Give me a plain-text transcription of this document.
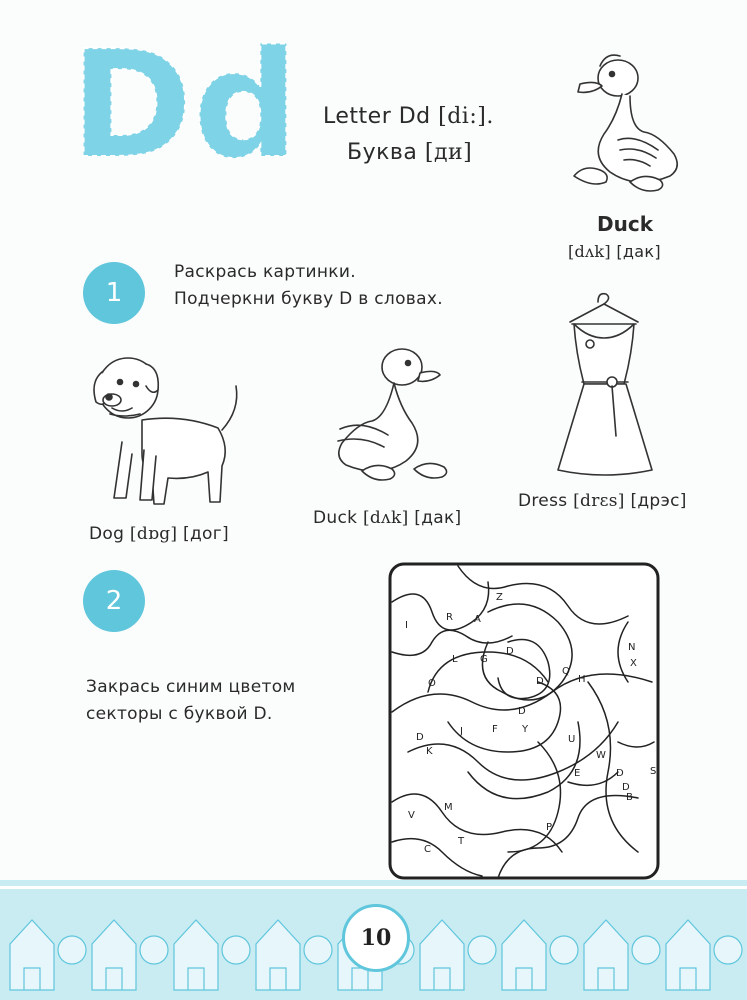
Dd Letter Dd [di:].
Буква [ди]
Duck
[dʌk] [дак]
1
Раскрась картинки.
Подчеркни букву D в словах.
Dog [dɒg] [дог]
Duck [dʌk] [дак]
Dress [drɛs] [дрэс]
2
Закрась синим цветом
секторы с буквой D.
Z
I
R A
L G
D	N
X
O
Q
H
D
D
J	F Y
U
K
D
W
D	S
E
D
B
V
M
P
C
T
10
